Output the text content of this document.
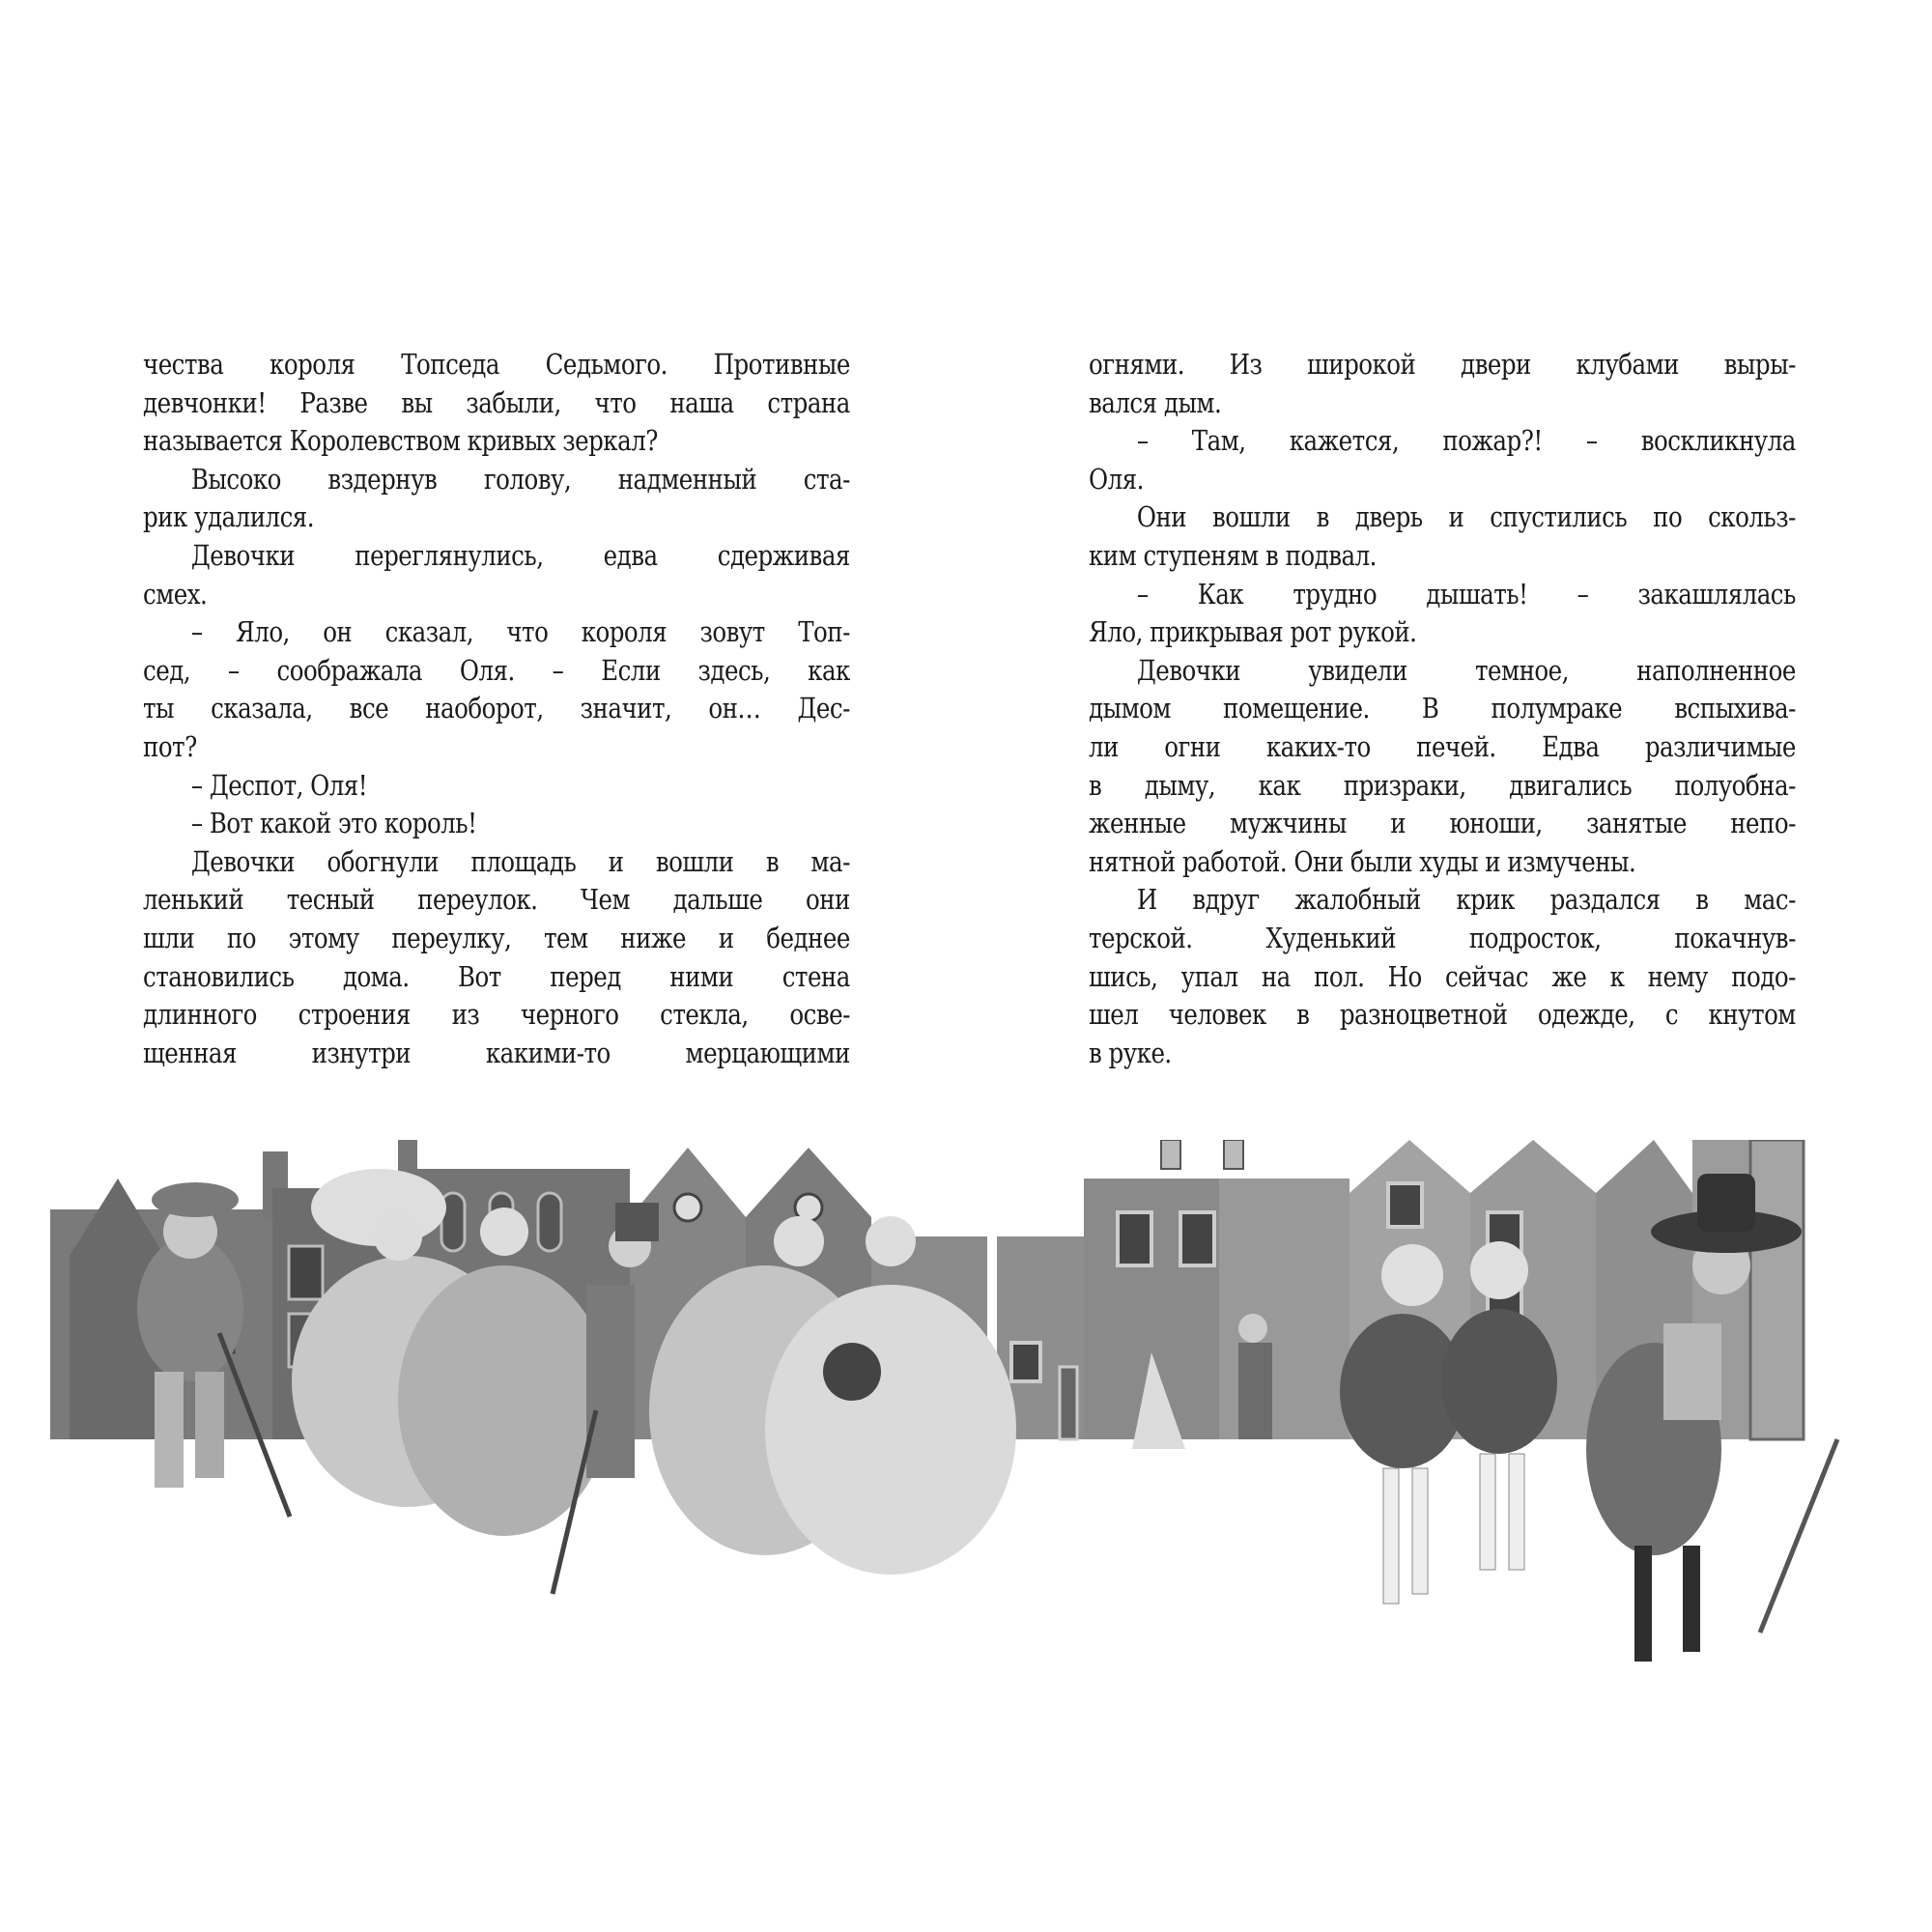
чества короля Топседа Седьмого. Противные
девчонки! Разве вы забыли, что наша страна
называется Королевством кривых зеркал?
Высоко вздернув голову, надменный ста-
рик удалился.
Девочки переглянулись, едва сдерживая
смех.
– Яло, он сказал, что короля зовут Топ-
сед, – соображала Оля. – Если здесь, как
ты сказала, все наоборот, значит, он… Дес-
пот?
– Деспот, Оля!
– Вот какой это король!
Девочки обогнули площадь и вошли в ма-
ленький тесный переулок. Чем дальше они
шли по этому переулку, тем ниже и беднее
становились дома. Вот перед ними стена
длинного строения из черного стекла, осве-
щенная изнутри какими-то мерцающими
огнями. Из широкой двери клубами выры-
вался дым.
– Там, кажется, пожар?! – воскликнула
Оля.
Они вошли в дверь и спустились по скольз-
ким ступеням в подвал.
– Как трудно дышать! – закашлялась
Яло, прикрывая рот рукой.
Девочки увидели темное, наполненное
дымом помещение. В полумраке вспыхива-
ли огни каких-то печей. Едва различимые
в дыму, как призраки, двигались полуобна-
женные мужчины и юноши, занятые непо-
нятной работой. Они были худы и измучены.
И вдруг жалобный крик раздался в мас-
терской. Худенький подросток, покачнув-
шись, упал на пол. Но сейчас же к нему подо-
шел человек в разноцветной одежде, с кнутом
в руке.
